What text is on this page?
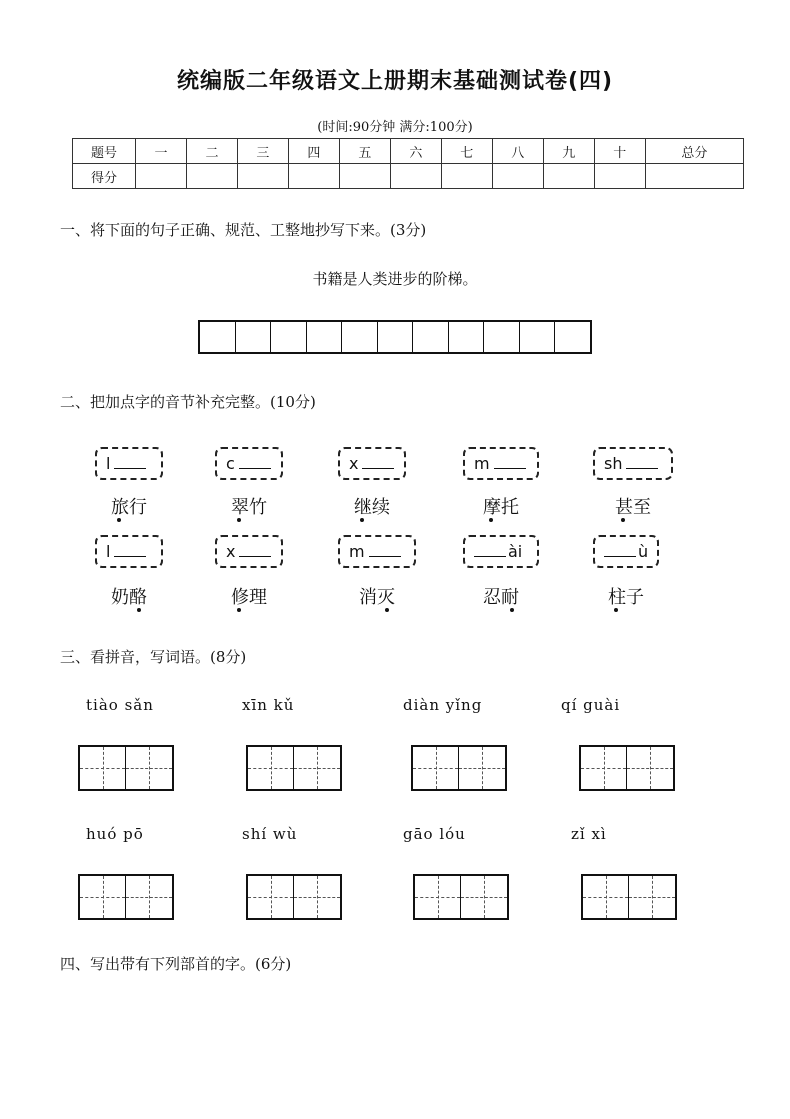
统编版二年级语文上册期末基础测试卷(四)
(时间:90分钟 满分:100分)
题号	一	二	三	四	五	六	七	八	九	十	总分
得分											
一、将下面的句子正确、规范、工整地抄写下来。(3分)
书籍是人类进步的阶梯。
二、把加点字的音节补充完整。(10分)
l
旅行
c
翠竹
x
继续
m
摩托
sh
甚至
l
奶酪
x
修理
m
消灭
ài
忍耐
ù
柱子
三、看拼音，写词语。(8分)
tiào sǎn	xīn kǔ	diàn yǐng	qí guài
huó pō	shí wù	gāo lóu	zǐ xì
四、写出带有下列部首的字。(6分)
